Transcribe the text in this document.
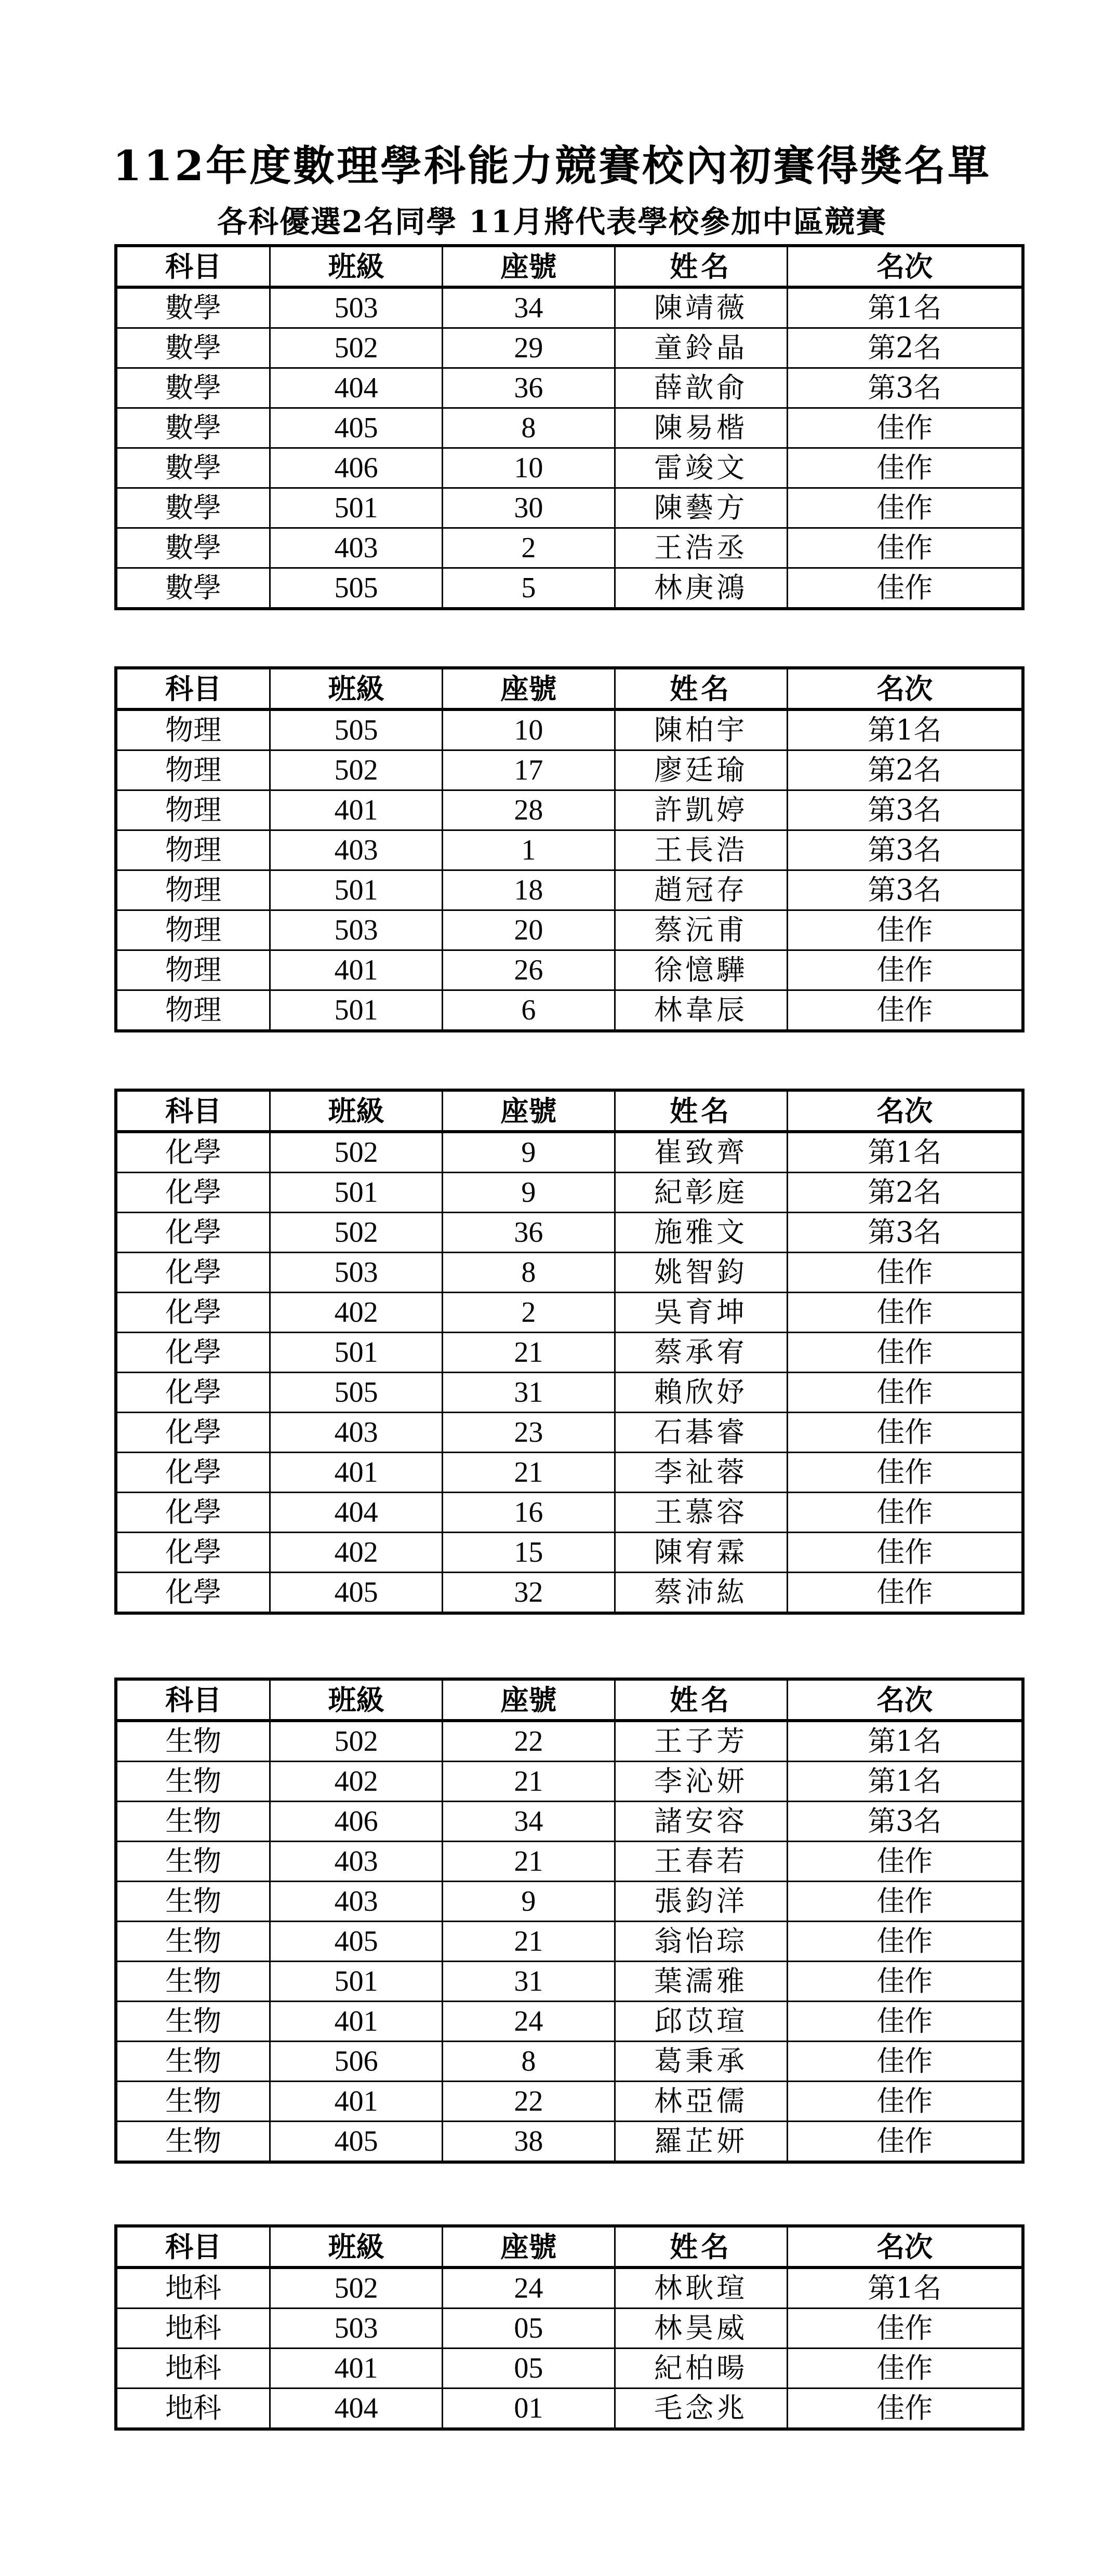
112年度數理學科能力競賽校內初賽得獎名單
各科優選2名同學 11月將代表學校參加中區競賽
科目	班級	座號	姓名	名次
數學	503	34	陳靖薇	第1名
數學	502	29	童鈴晶	第2名
數學	404	36	薛歆俞	第3名
數學	405	8	陳易楷	佳作
數學	406	10	雷竣文	佳作
數學	501	30	陳藝方	佳作
數學	403	2	王浩丞	佳作
數學	505	5	林庚鴻	佳作
科目	班級	座號	姓名	名次
物理	505	10	陳柏宇	第1名
物理	502	17	廖廷瑜	第2名
物理	401	28	許凱婷	第3名
物理	403	1	王長浩	第3名
物理	501	18	趙冠存	第3名
物理	503	20	蔡沅甫	佳作
物理	401	26	徐憶驊	佳作
物理	501	6	林韋辰	佳作
科目	班級	座號	姓名	名次
化學	502	9	崔致齊	第1名
化學	501	9	紀彰庭	第2名
化學	502	36	施雅文	第3名
化學	503	8	姚智鈞	佳作
化學	402	2	吳育坤	佳作
化學	501	21	蔡承宥	佳作
化學	505	31	賴欣妤	佳作
化學	403	23	石碁睿	佳作
化學	401	21	李祉蓉	佳作
化學	404	16	王慕容	佳作
化學	402	15	陳宥霖	佳作
化學	405	32	蔡沛紘	佳作
科目	班級	座號	姓名	名次
生物	502	22	王子芳	第1名
生物	402	21	李沁妍	第1名
生物	406	34	諸安容	第3名
生物	403	21	王春若	佳作
生物	403	9	張鈞洋	佳作
生物	405	21	翁怡琮	佳作
生物	501	31	葉濡雅	佳作
生物	401	24	邱苡瑄	佳作
生物	506	8	葛秉承	佳作
生物	401	22	林亞儒	佳作
生物	405	38	羅芷妍	佳作
科目	班級	座號	姓名	名次
地科	502	24	林耿瑄	第1名
地科	503	05	林昊威	佳作
地科	401	05	紀柏暘	佳作
地科	404	01	毛念兆	佳作
